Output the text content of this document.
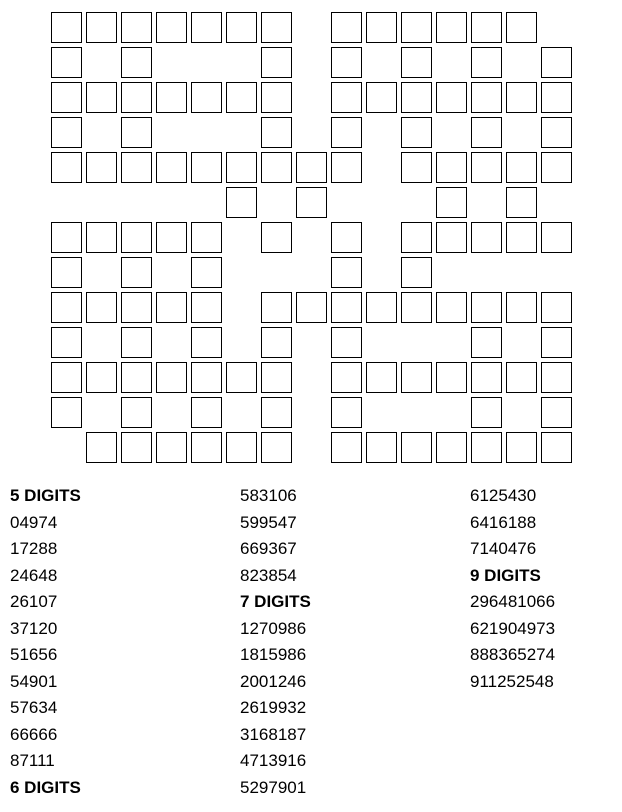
5 DIGITS
04974
17288
24648
26107
37120
51656
54901
57634
66666
87111
6 DIGITS
583106
599547
669367
823854
7 DIGITS
1270986
1815986
2001246
2619932
3168187
4713916
5297901
6125430
6416188
7140476
9 DIGITS
296481066
621904973
888365274
911252548
